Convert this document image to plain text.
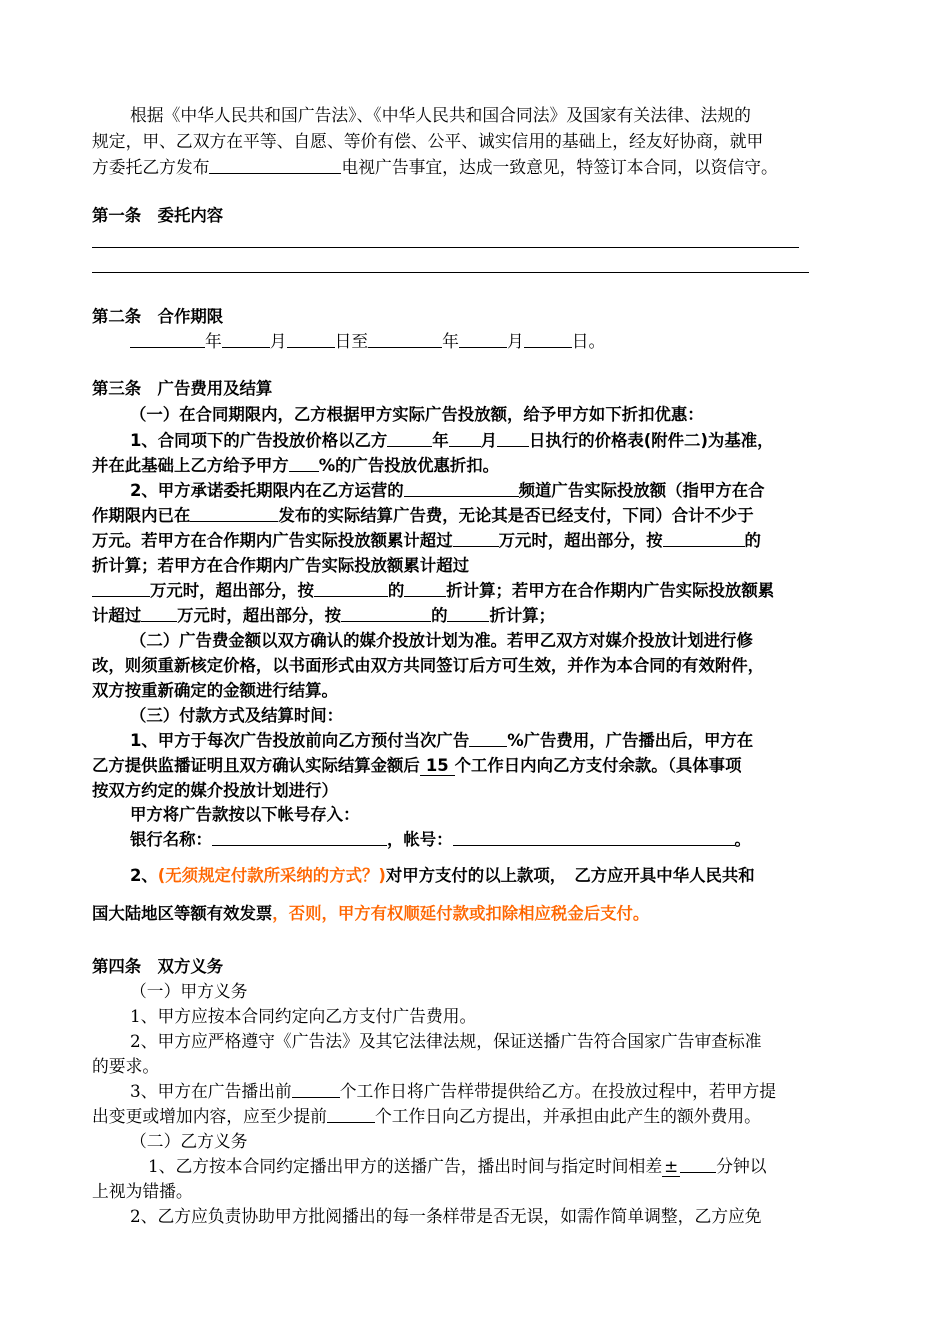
根据《中华人民共和国广告法》、《中华人民共和国合同法》及国家有关法律、法规的
规定，甲、乙双方在平等、自愿、等价有偿、公平、诚实信用的基础上，经友好协商，就甲
方委托乙方发布	电视广告事宜，达成一致意见，特签订本合同，以资信守。
第一条　委托内容
第二条　合作期限
年	月	日至	年	月	日。
第三条　广告费用及结算
（一）在合同期限内，乙方根据甲方实际广告投放额，给予甲方如下折扣优惠：
1、合同项下的广告投放价格以乙方	年 月 日执行的价格表(附件二)为基准，
并在此基础上乙方给予甲方 %的广告投放优惠折扣。
2、甲方承诺委托期限内在乙方运营的	频道广告实际投放额（指甲方在合
作期限内已在	发布的实际结算广告费，无论其是否已经支付，下同）合计不少于
万元。若甲方在合作期内广告实际投放额累计超过	万元时，超出部分，按	的
折计算；若甲方在合作期内广告实际投放额累计超过
万元时，超出部分，按	的	折计算；若甲方在合作期内广告实际投放额累
计超过 万元时，超出部分，按	的	折计算；
（二）广告费金额以双方确认的媒介投放计划为准。若甲乙双方对媒介投放计划进行修
改，则须重新核定价格，以书面形式由双方共同签订后方可生效，并作为本合同的有效附件，
双方按重新确定的金额进行结算。
（三）付款方式及结算时间：
1、甲方于每次广告投放前向乙方预付当次广告 %广告费用，广告播出后，甲方在
乙方提供监播证明且双方确认实际结算金额后 15 个工作日内向乙方支付余款。（具体事项
按双方约定的媒介投放计划进行）
甲方将广告款按以下帐号存入：
银行名称：	，帐号：	。
2、(无须规定付款所采纳的方式？)对甲方支付的以上款项，　乙方应开具中华人民共和
国大陆地区等额有效发票，否则，甲方有权顺延付款或扣除相应税金后支付。
第四条　双方义务
（一）甲方义务
1、甲方应按本合同约定向乙方支付广告费用。
2、甲方应严格遵守《广告法》及其它法律法规，保证送播广告符合国家广告审查标准
的要求。
3、甲方在广告播出前	个工作日将广告样带提供给乙方。在投放过程中，若甲方提
出变更或增加内容，应至少提前	个工作日向乙方提出，并承担由此产生的额外费用。
（二）乙方义务
1、乙方按本合同约定播出甲方的送播广告，播出时间与指定时间相差 ± 分钟以
上视为错播。
2、乙方应负责协助甲方批阅播出的每一条样带是否无误，如需作简单调整，乙方应免
